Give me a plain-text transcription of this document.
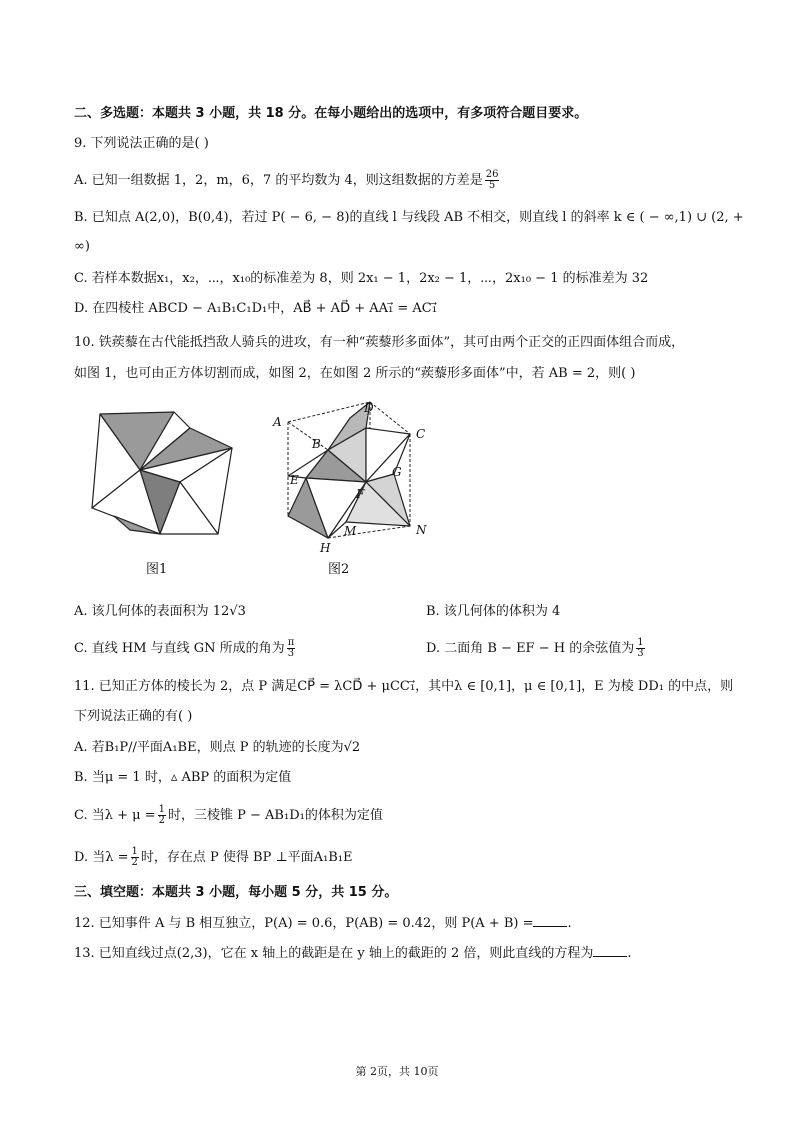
二、多选题：本题共 3 小题，共 18 分。在每小题给出的选项中，有多项符合题目要求。
9. 下列说法正确的是( )
A. 已知一组数据 1，2，m，6，7 的平均数为 4，则这组数据的方差是 $\frac{26}{5}$
B. 已知点 A(2,0)，B(0,4)，若过 P( − 6, − 8)的直线 l 与线段 AB 不相交，则直线 l 的斜率 k ∈ ( − ∞,1) ∪ (2, +
∞)
C. 若样本数据x₁，x₂，⋯，x₁₀的标准差为 8，则 2x₁ − 1，2x₂ − 1，⋯，2x₁₀ − 1 的标准差为 32
D. 在四棱柱 ABCD − A₁B₁C₁D₁中，AB⃗ + AD⃗ + AA₁⃗ = AC₁⃗
10. 铁蒺藜在古代能抵挡敌人骑兵的进攻，有一种“蒺藜形多面体”，其可由两个正交的正四面体组合而成，
如图 1，也可由正方体切割而成，如图 2，在如图 2 所示的“蒺藜形多面体”中，若 AB = 2，则( )
图1
A
B
C
D
E
F
G
H
M	N
图2
A. 该几何体的表面积为 12√3	B. 该几何体的体积为 4
C. 直线 HM 与直线 GN 所成的角为 $\frac{\pi}{3}$	D. 二面角 B − EF − H 的余弦值为 $\frac{1}{3}$
11. 已知正方体的棱长为 2，点 P 满足CP⃗ = λCD⃗ + μCC₁⃗，其中λ ∈ [0,1]，μ ∈ [0,1]，E 为棱 DD₁ 的中点，则
下列说法正确的有( )
A. 若B₁P//平面A₁BE，则点 P 的轨迹的长度为√2
B. 当μ = 1 时，▵ ABP 的面积为定值
C. 当$\lambda + \mu = \frac{1}{2}$ 时，三棱锥 P − AB₁D₁的体积为定值
D. 当$\lambda = \frac{1}{2}$ 时，存在点 P 使得 BP ⊥平面A₁B₁E
三、填空题：本题共 3 小题，每小题 5 分，共 15 分。
12. 已知事件 A 与 B 相互独立，P(A) = 0.6，P(AB) = 0.42，则 P(A + B) =	.
13. 已知直线过点(2,3)，它在 x 轴上的截距是在 y 轴上的截距的 2 倍，则此直线的方程为	.
第 2页，共 10页
